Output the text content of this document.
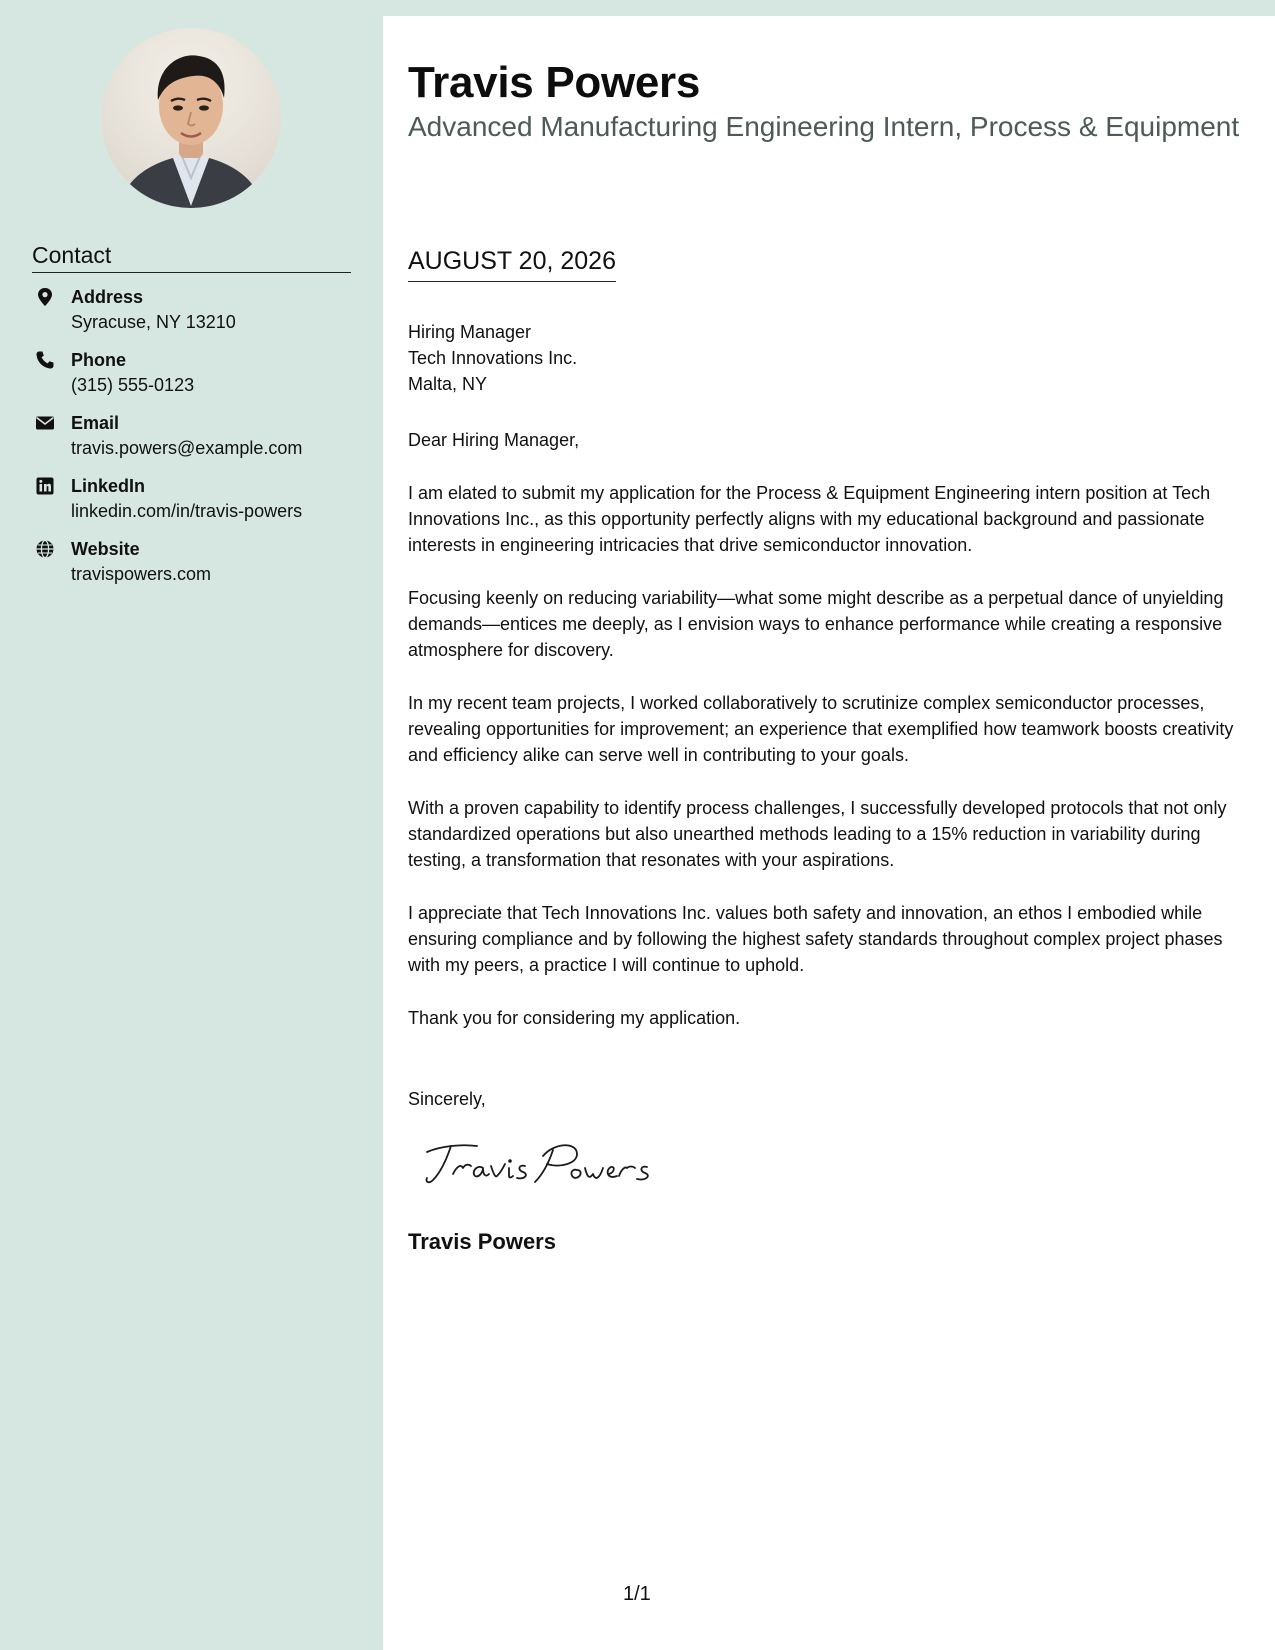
Contact
Address
Syracuse, NY 13210
Phone
(315) 555-0123
Email
travis.powers@example.com
LinkedIn
linkedin.com/in/travis-powers
Website
travispowers.com
Travis Powers
Advanced Manufacturing Engineering Intern, Process & Equipment
AUGUST 20, 2026
Hiring Manager
Tech Innovations Inc.
Malta, NY

Dear Hiring Manager,

I am elated to submit my application for the Process & Equipment Engineering intern position at Tech Innovations Inc., as this opportunity perfectly aligns with my educational background and passionate interests in engineering intricacies that drive semiconductor innovation.

Focusing keenly on reducing variability—what some might describe as a perpetual dance of unyielding demands—entices me deeply, as I envision ways to enhance performance while creating a responsive atmosphere for discovery.

In my recent team projects, I worked collaboratively to scrutinize complex semiconductor processes, revealing opportunities for improvement; an experience that exemplified how teamwork boosts creativity and efficiency alike can serve well in contributing to your goals.

With a proven capability to identify process challenges, I successfully developed protocols that not only standardized operations but also unearthed methods leading to a 15% reduction in variability during testing, a transformation that resonates with your aspirations.

I appreciate that Tech Innovations Inc. values both safety and innovation, an ethos I embodied while ensuring compliance and by following the highest safety standards throughout complex project phases with my peers, a practice I will continue to uphold.

Thank you for considering my application.

Sincerely,
Travis Powers
1/1
